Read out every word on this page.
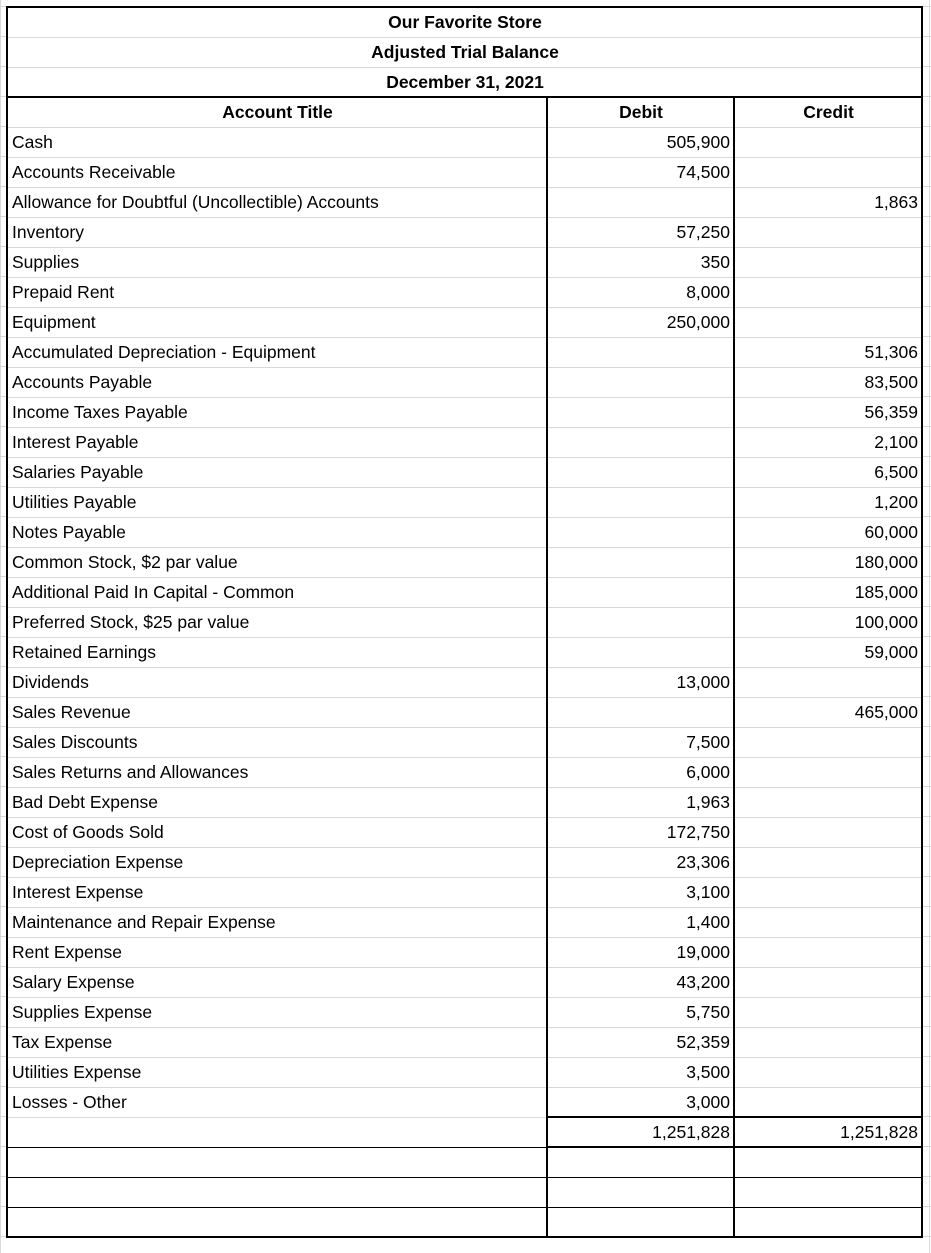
Our Favorite Store		
Adjusted Trial Balance		
December 31, 2021		
Account Title	Debit	Credit
Cash	505,900	
Accounts Receivable	74,500	
Allowance for Doubtful (Uncollectible) Accounts		1,863
Inventory	57,250	
Supplies	350	
Prepaid Rent	8,000	
Equipment	250,000	
Accumulated Depreciation - Equipment		51,306
Accounts Payable		83,500
Income Taxes Payable		56,359
Interest Payable		2,100
Salaries Payable		6,500
Utilities Payable		1,200
Notes Payable		60,000
Common Stock, $2 par value		180,000
Additional Paid In Capital - Common		185,000
Preferred Stock, $25 par value		100,000
Retained Earnings		59,000
Dividends	13,000	
Sales Revenue		465,000
Sales Discounts	7,500	
Sales Returns and Allowances	6,000	
Bad Debt Expense	1,963	
Cost of Goods Sold	172,750	
Depreciation Expense	23,306	
Interest Expense	3,100	
Maintenance and Repair Expense	1,400	
Rent Expense	19,000	
Salary Expense	43,200	
Supplies Expense	5,750	
Tax Expense	52,359	
Utilities Expense	3,500	
Losses - Other	3,000	
	1,251,828	1,251,828
